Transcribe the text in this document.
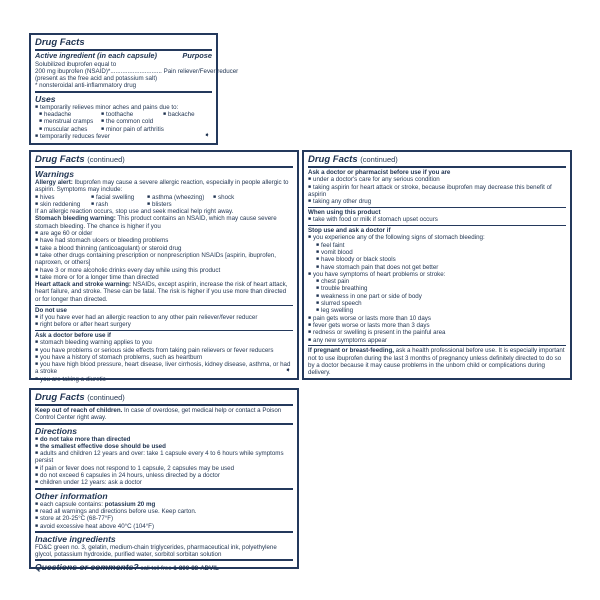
Drug Facts
Active ingredient (in each capsule)	Purpose

Solubilized ibuprofen equal to

200 mg ibuprofen (NSAID)*.............................. Pain reliever/Fever reducer

(present as the free acid and potassium salt)

* nonsteroidal anti-inflammatory drug

Uses

■ temporarily relieves minor aches and pains due to:

■ headache	■ toothache	■ backache
■ menstrual cramps	■ the common cold
■ muscular aches	■ minor pain of arthritis

■ temporarily reduces fever	➧
Drug Facts (continued)
Warnings

Allergy alert: Ibuprofen may cause a severe allergic reaction, especially in people allergic to aspirin. Symptoms may include:

■ hives	■ facial swelling	■ asthma (wheezing)	■ shock
■ skin reddening	■ rash	■ blisters

If an allergic reaction occurs, stop use and seek medical help right away.

Stomach bleeding warning: This product contains an NSAID, which may cause severe stomach bleeding. The chance is higher if you

■ are age 60 or older

■ have had stomach ulcers or bleeding problems

■ take a blood thinning (anticoagulant) or steroid drug

■ take other drugs containing prescription or nonprescription NSAIDs [aspirin, ibuprofen, naproxen, or others]

■ have 3 or more alcoholic drinks every day while using this product

■ take more or for a longer time than directed

Heart attack and stroke warning: NSAIDs, except aspirin, increase the risk of heart attack, heart failure, and stroke. These can be fatal. The risk is higher if you use more than directed or for longer than directed.

Do not use

■ if you have ever had an allergic reaction to any other pain reliever/fever reducer

■ right before or after heart surgery

Ask a doctor before use if

■ stomach bleeding warning applies to you

■ you have problems or serious side effects from taking pain relievers or fever reducers

■ you have a history of stomach problems, such as heartburn

■ you have high blood pressure, heart disease, liver cirrhosis, kidney disease, asthma, or had a stroke

■ you are taking a diuretic

➧
Drug Facts (continued)

Ask a doctor or pharmacist before use if you are

■ under a doctor's care for any serious condition

■ taking aspirin for heart attack or stroke, because ibuprofen may decrease this benefit of aspirin

■ taking any other drug

When using this product

■ take with food or milk if stomach upset occurs

Stop use and ask a doctor if

■ you experience any of the following signs of stomach bleeding:

■ feel faint

■ vomit blood

■ have bloody or black stools

■ have stomach pain that does not get better

■ you have symptoms of heart problems or stroke:

■ chest pain

■ trouble breathing

■ weakness in one part or side of body

■ slurred speech

■ leg swelling

■ pain gets worse or lasts more than 10 days

■ fever gets worse or lasts more than 3 days

■ redness or swelling is present in the painful area

■ any new symptoms appear

If pregnant or breast-feeding, ask a health professional before use. It is especially important not to use ibuprofen during the last 3 months of pregnancy unless definitely directed to do so by a doctor because it may cause problems in the unborn child or complications during delivery.

Drug Facts (continued)

Keep out of reach of children. In case of overdose, get medical help or contact a Poison Control Center right away.

Directions

■ do not take more than directed

■ the smallest effective dose should be used

■ adults and children 12 years and over: take 1 capsule every 4 to 6 hours while symptoms persist

■ if pain or fever does not respond to 1 capsule, 2 capsules may be used

■ do not exceed 6 capsules in 24 hours, unless directed by a doctor

■ children under 12 years: ask a doctor

Other information

■ each capsule contains: potassium 20 mg

■ read all warnings and directions before use. Keep carton.

■ store at 20-25°C (68-77°F)

■ avoid excessive heat above 40°C (104°F)

Inactive ingredients

FD&C green no. 3, gelatin, medium-chain triglycerides, pharmaceutical ink, polyethylene glycol, potassium hydroxide, purified water, sorbitol sorbitan solution

Questions or comments? call toll free 1-800-88-ADVIL
